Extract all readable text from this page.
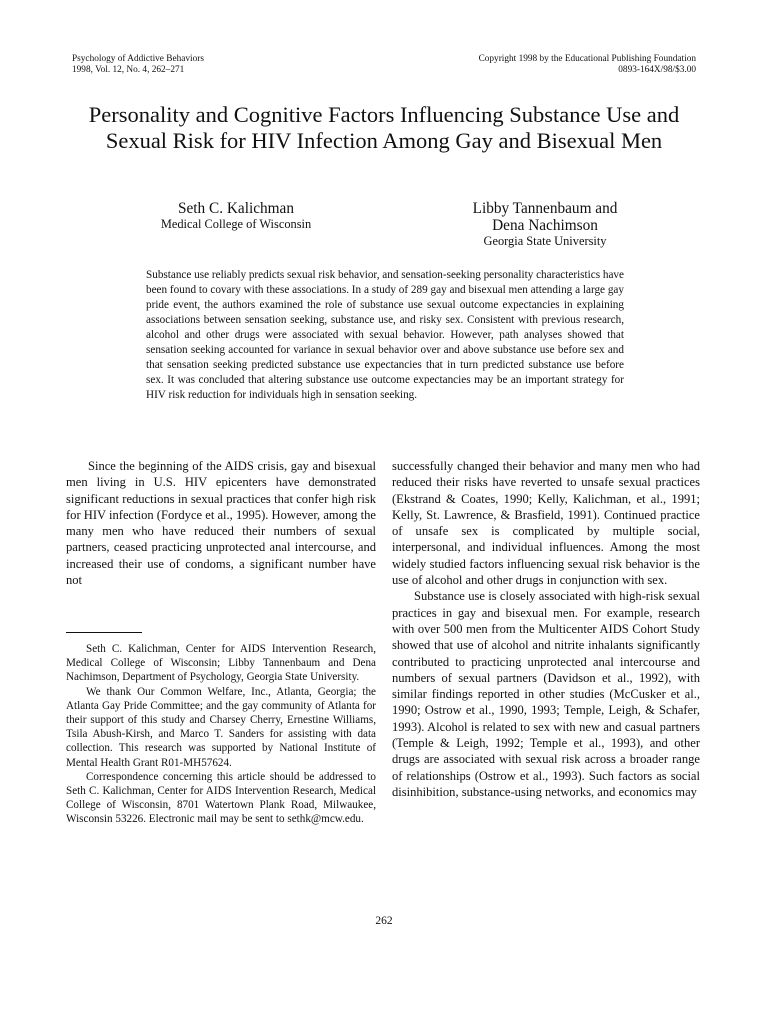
Psychology of Addictive Behaviors
1998, Vol. 12, No. 4, 262–271
Copyright 1998 by the Educational Publishing Foundation
0893-164X/98/$3.00
Personality and Cognitive Factors Influencing Substance Use and Sexual Risk for HIV Infection Among Gay and Bisexual Men
Seth C. Kalichman
Medical College of Wisconsin
Libby Tannenbaum and
Dena Nachimson
Georgia State University
Substance use reliably predicts sexual risk behavior, and sensation-seeking personality characteristics have been found to covary with these associations. In a study of 289 gay and bisexual men attending a large gay pride event, the authors examined the role of substance use sexual outcome expectancies in explaining associations between sensation seeking, substance use, and risky sex. Consistent with previous research, alcohol and other drugs were associated with sexual behavior. However, path analyses showed that sensation seeking accounted for variance in sexual behavior over and above substance use before sex and that sensation seeking predicted substance use expectancies that in turn predicted substance use before sex. It was concluded that altering substance use outcome expectancies may be an important strategy for HIV risk reduction for individuals high in sensation seeking.

Since the beginning of the AIDS crisis, gay and bisexual men living in U.S. HIV epicenters have demonstrated significant reductions in sexual practices that confer high risk for HIV infection (Fordyce et al., 1995). However, among the many men who have reduced their numbers of sexual partners, ceased practicing unprotected anal intercourse, and increased their use of condoms, a significant number have not

successfully changed their behavior and many men who had reduced their risks have reverted to unsafe sexual practices (Ekstrand & Coates, 1990; Kelly, Kalichman, et al., 1991; Kelly, St. Lawrence, & Brasfield, 1991). Continued practice of unsafe sex is complicated by multiple social, interpersonal, and individual influences. Among the most widely studied factors influencing sexual risk behavior is the use of alcohol and other drugs in conjunction with sex.

Substance use is closely associated with high-risk sexual practices in gay and bisexual men. For example, research with over 500 men from the Multicenter AIDS Cohort Study showed that use of alcohol and nitrite inhalants significantly contributed to practicing unprotected anal intercourse and numbers of sexual partners (Davidson et al., 1992), with similar findings reported in other studies (McCusker et al., 1990; Ostrow et al., 1990, 1993; Temple, Leigh, & Schafer, 1993). Alcohol is related to sex with new and casual partners (Temple & Leigh, 1992; Temple et al., 1993), and other drugs are associated with sexual risk across a broader range of relationships (Ostrow et al., 1993). Such factors as social disinhibition, substance-using networks, and economics may

Seth C. Kalichman, Center for AIDS Intervention Research, Medical College of Wisconsin; Libby Tannenbaum and Dena Nachimson, Department of Psychology, Georgia State University.

We thank Our Common Welfare, Inc., Atlanta, Georgia; the Atlanta Gay Pride Committee; and the gay community of Atlanta for their support of this study and Charsey Cherry, Ernestine Williams, Tsila Abush-Kirsh, and Marco T. Sanders for assisting with data collection. This research was supported by National Institute of Mental Health Grant R01-MH57624.

Correspondence concerning this article should be addressed to Seth C. Kalichman, Center for AIDS Intervention Research, Medical College of Wisconsin, 8701 Watertown Plank Road, Milwaukee, Wisconsin 53226. Electronic mail may be sent to sethk@mcw.edu.

262
